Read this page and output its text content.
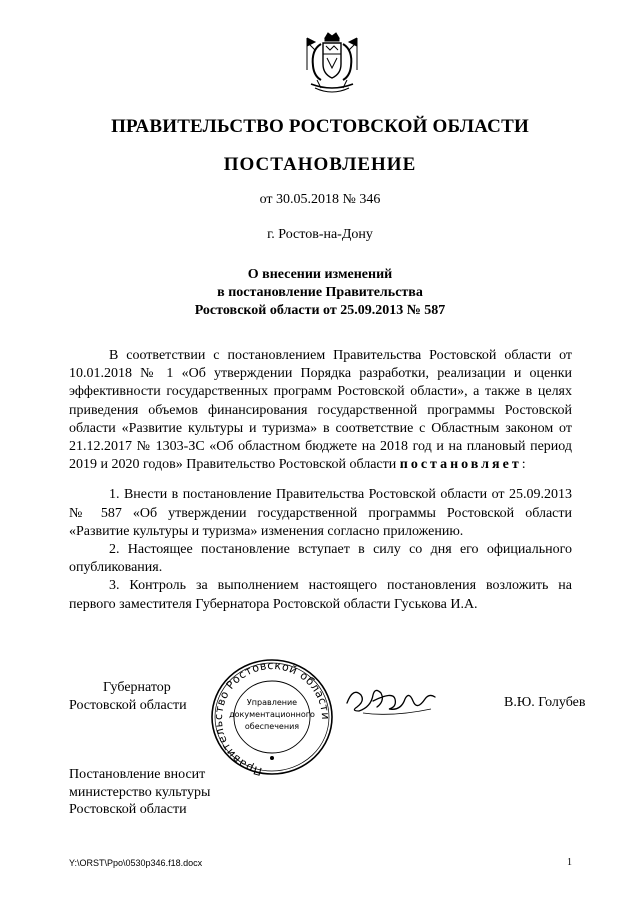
ПРАВИТЕЛЬСТВО РОСТОВСКОЙ ОБЛАСТИ
ПОСТАНОВЛЕНИЕ
от 30.05.2018 № 346
г. Ростов-на-Дону
О внесении изменений
в постановление Правительства
Ростовской области от 25.09.2013 № 587

В соответствии с постановлением Правительства Ростовской области от 10.01.2018 № 1 «Об утверждении Порядка разработки, реализации и оценки эффективности государственных программ Ростовской области», а также в целях приведения объемов финансирования государственной программы Ростовской области «Развитие культуры и туризма» в соответствие с Областным законом от 21.12.2017 № 1303-ЗС «Об областном бюджете на 2018 год и на плановый период 2019 и 2020 годов» Правительство Ростовской области постановляет:

1. Внести в постановление Правительства Ростовской области от 25.09.2013 № 587 «Об утверждении государственной программы Ростовской области «Развитие культуры и туризма» изменения согласно приложению.

2. Настоящее постановление вступает в силу со дня его официального опубликования.

3. Контроль за выполнением настоящего постановления возложить на первого заместителя Губернатора Ростовской области Гуськова И.А.

Губернатор
Ростовской области
Правительство Ростовской области
Управление
документационного
обеспечения
В.Ю. Голубев
Постановление вносит
министерство культуры
Ростовской области
Y:\ORST\Ppo\0530p346.f18.docx	1
